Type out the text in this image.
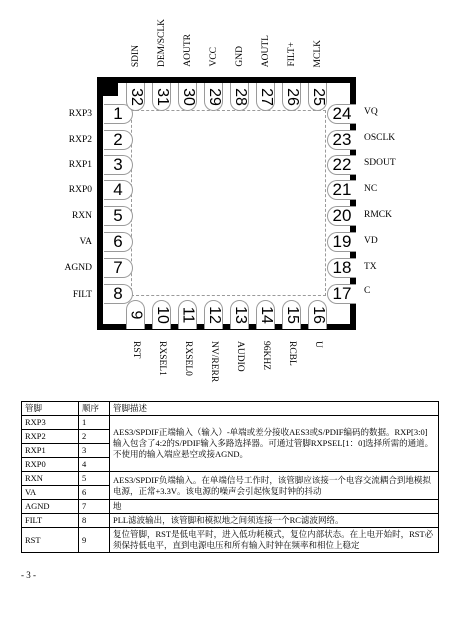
1
2
3
4
5
6
7
8
RXP3
RXP2
RXP1
RXP0
RXN
VA
AGND
FILT
24
23
22
21
20
19
18
17
VQ
OSCLK
SDOUT
NC
RMCK
VD
TX
C
32 31 30 29 28 27 26 25
SDIN DEM/SCLK AOUTR VCC GND AOUTL FILT+ MCLK
9 10 11 12 13 14 15 16
RST RXSEL1 RXSEL0 NV/RERR AUDIO 96KHZ RCBL U
管脚	顺序	管脚描述
RXP3	1	AES3/SPDIF正端输入（输入）-单端或差分接收AES3或S/PDIF编码的数据。RXP[3:0]输入包含了4:2的S/PDIF输入多路选择器。可通过管脚RXPSEL[1：0]选择所需的通道。不使用的输入端应悬空或接AGND。
RXP2	2	
RXP1	3	
RXP0	4	
RXN	5	AES3/SPDIF负端输入。在单端信号工作时，该管脚应该接一个电容交流耦合到地模拟电源，正常+3.3V。该电源的噪声会引起恢复时钟的抖动
VA	6	
AGND	7	地
FILT	8	PLL滤波输出，该管脚和模拟地之间须连接一个RC滤波网络。
RST	9	复位管脚，RST是低电平时，进入低功耗模式，复位内部状态。在上电开始时，RST必须保持低电平，直到电源电压和所有输入时钟在频率和相位上稳定
- 3 -
